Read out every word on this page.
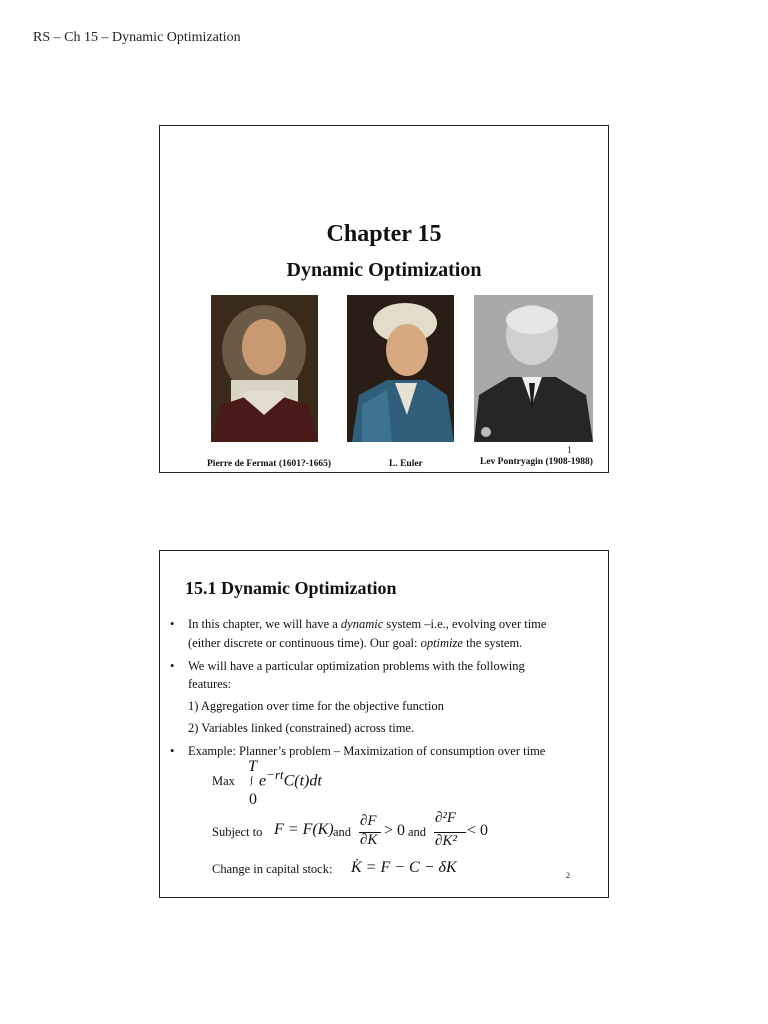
RS – Ch 15 – Dynamic Optimization
Chapter 15
Dynamic Optimization
Pierre de Fermat (1601?-1665)	L. Euler	Lev Pontryagin (1908-1988)
1
15.1 Dynamic Optimization
• In this chapter, we will have a dynamic system –i.e., evolving over time
(either discrete or continuous time). Our goal: optimize the system.
• We will have a particular optimization problems with the following
features:
1) Aggregation over time for the objective function
2) Variables linked (constrained) across time.
• Example: Planner’s problem – Maximization of consumption over time
Max
T
∫
0
$e^{-rt}C(t)dt$
Subject to F = F(K) and
∂F
∂K
> 0 and
∂²F
∂K²
< 0
Change in capital stock: K̇ = F − C − δK	2
